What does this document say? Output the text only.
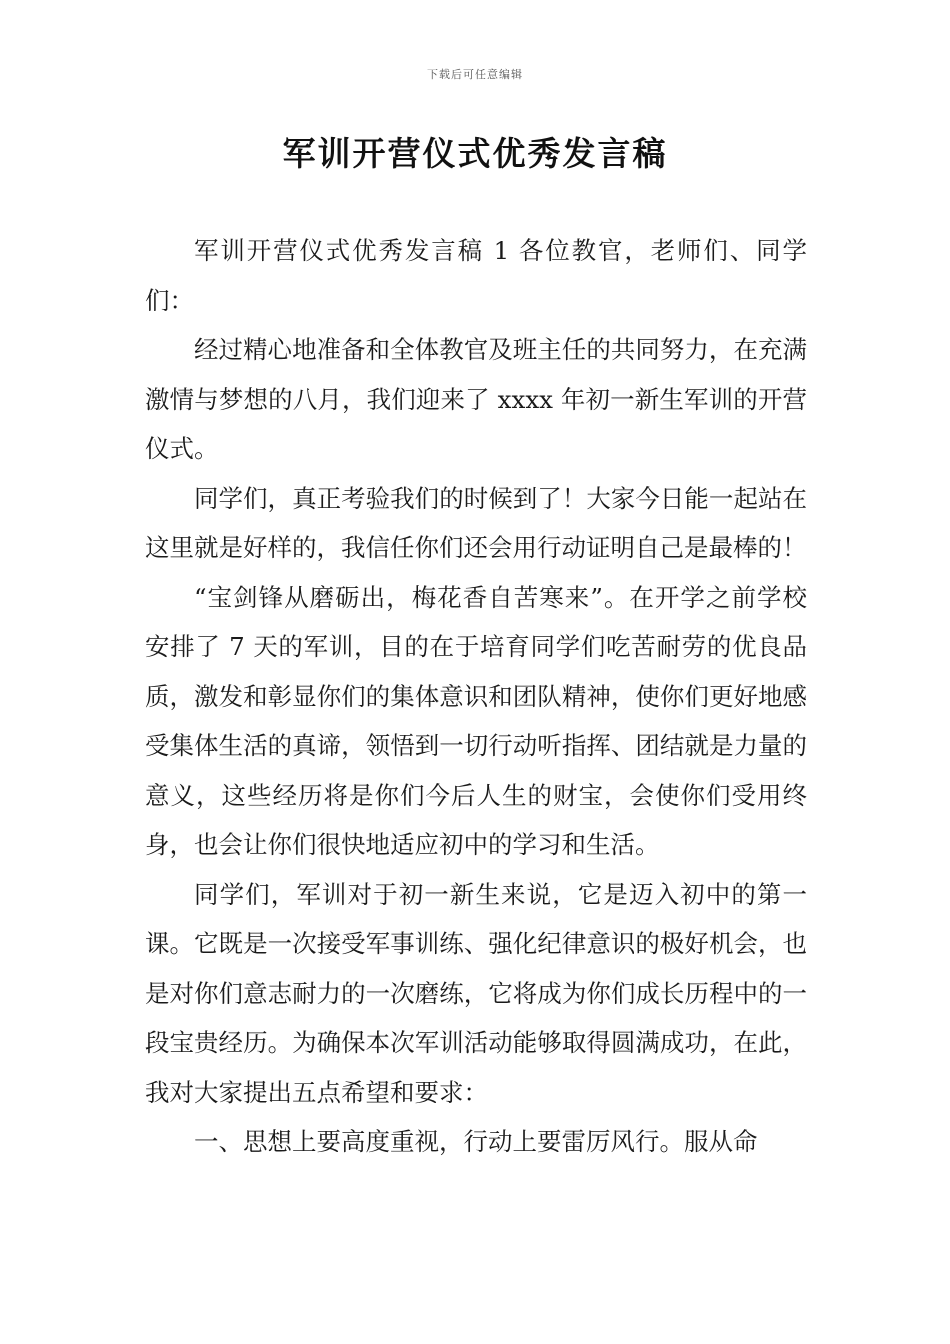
下载后可任意编辑
军训开营仪式优秀发言稿

军训开营仪式优秀发言稿 1 各位教官，老师们、同学们：

经过精心地准备和全体教官及班主任的共同努力，在充满激情与梦想的八月，我们迎来了 xxxx 年初一新生军训的开营仪式。

同学们，真正考验我们的时候到了！大家今日能一起站在这里就是好样的，我信任你们还会用行动证明自己是最棒的！

“宝剑锋从磨砺出，梅花香自苦寒来”。在开学之前学校安排了 7 天的军训，目的在于培育同学们吃苦耐劳的优良品质，激发和彰显你们的集体意识和团队精神，使你们更好地感受集体生活的真谛，领悟到一切行动听指挥、团结就是力量的意义，这些经历将是你们今后人生的财宝，会使你们受用终身，也会让你们很快地适应初中的学习和生活。

同学们，军训对于初一新生来说，它是迈入初中的第一课。它既是一次接受军事训练、强化纪律意识的极好机会，也是对你们意志耐力的一次磨练，它将成为你们成长历程中的一段宝贵经历。为确保本次军训活动能够取得圆满成功，在此，我对大家提出五点希望和要求：

一、思想上要高度重视，行动上要雷厉风行。服从命
